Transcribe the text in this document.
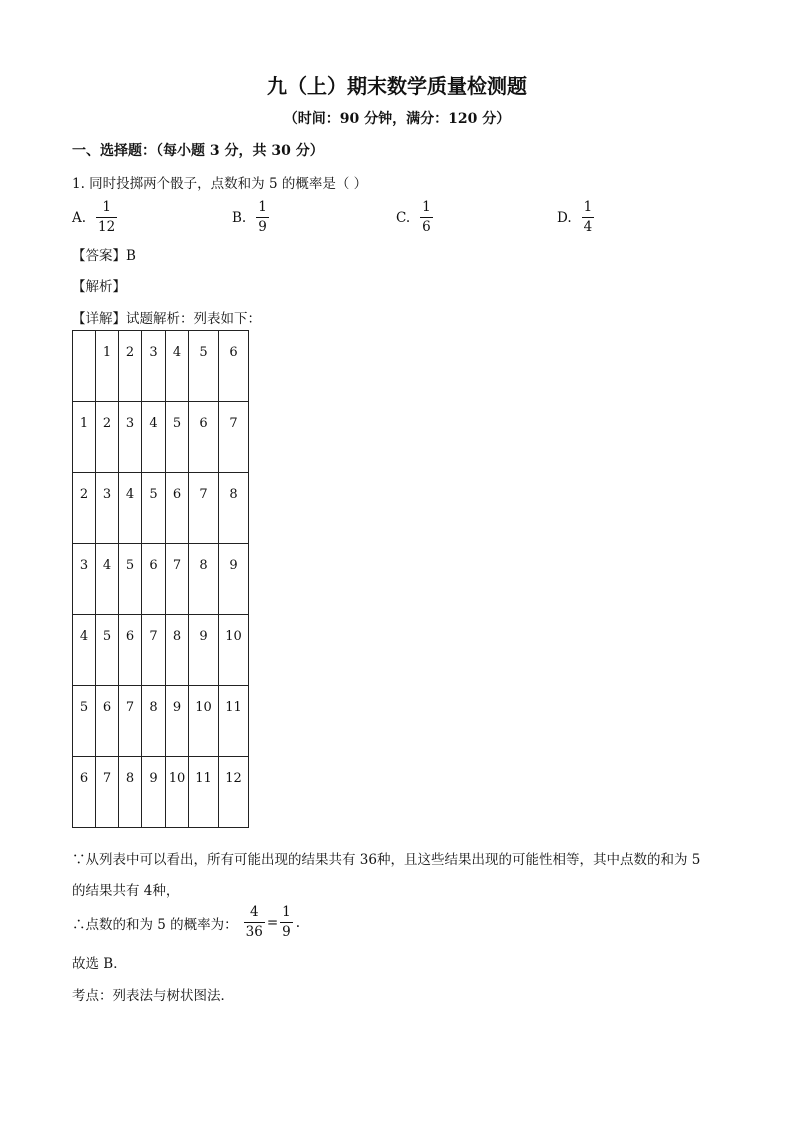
九（上）期末数学质量检测题
（时间：90 分钟，满分：120 分）
一、选择题：（每小题 3 分，共 30 分）
1. 同时投掷两个骰子，点数和为 5 的概率是（ ）
A. $\frac{1}{12}$	B. $\frac{1}{9}$	C. $\frac{1}{6}$	D. $\frac{1}{4}$
【答案】B
【解析】
【详解】试题解析：列表如下：
	1	2	3	4	5	6
1	2	3	4	5	6	7
2	3	4	5	6	7	8
3	4	5	6	7	8	9
4	5	6	7	8	9	10
5	6	7	8	9	10	11
6	7	8	9	10	11	12
∵从列表中可以看出，所有可能出现的结果共有 36种，且这些结果出现的可能性相等，其中点数的和为 5
的结果共有 4种，
∴点数的和为 5 的概率为： $\frac{4}{36} = \frac{1}{9}$ .
故选 B．
考点：列表法与树状图法．
